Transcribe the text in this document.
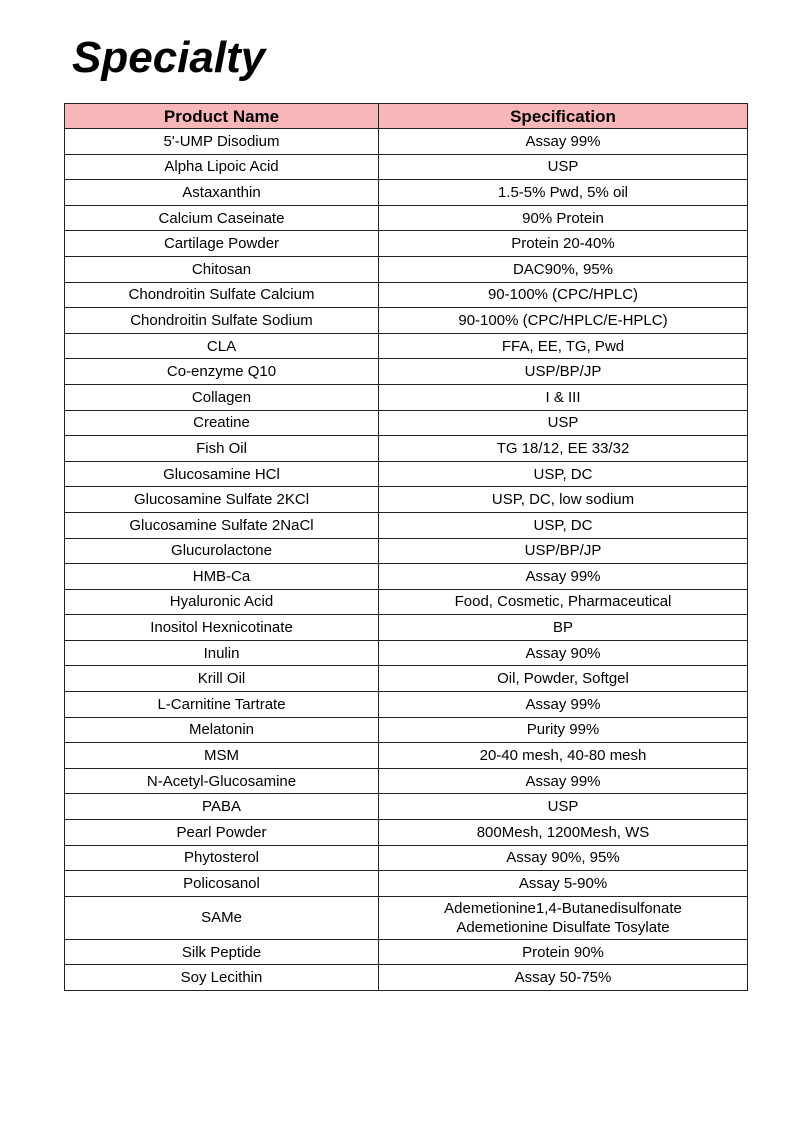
Specialty
Product Name	Specification
5'-UMP Disodium	Assay 99%

Alpha Lipoic Acid	USP

Astaxanthin	1.5-5% Pwd, 5% oil

Calcium Caseinate	90% Protein

Cartilage Powder	Protein 20-40%

Chitosan	DAC90%, 95%

Chondroitin Sulfate Calcium	90-100% (CPC/HPLC)

Chondroitin Sulfate Sodium	90-100% (CPC/HPLC/E-HPLC)

CLA	FFA, EE, TG, Pwd

Co-enzyme Q10	USP/BP/JP

Collagen	I & III

Creatine	USP

Fish Oil	TG 18/12, EE 33/32

Glucosamine HCl	USP, DC

Glucosamine Sulfate 2KCl	USP, DC, low sodium

Glucosamine Sulfate 2NaCl	USP, DC

Glucurolactone	USP/BP/JP

HMB-Ca	Assay 99%

Hyaluronic Acid	Food, Cosmetic, Pharmaceutical

Inositol Hexnicotinate	BP

Inulin	Assay 90%

Krill Oil	Oil, Powder, Softgel

L-Carnitine Tartrate	Assay 99%

Melatonin	Purity 99%

MSM	20-40 mesh, 40-80 mesh

N-Acetyl-Glucosamine	Assay 99%

PABA	USP

Pearl Powder	800Mesh, 1200Mesh, WS

Phytosterol	Assay 90%, 95%

Policosanol	Assay 5-90%

SAMe	Ademetionine1,4-Butanedisulfonate
Ademetionine Disulfate Tosylate

Silk Peptide	Protein 90%

Soy Lecithin	Assay 50-75%
